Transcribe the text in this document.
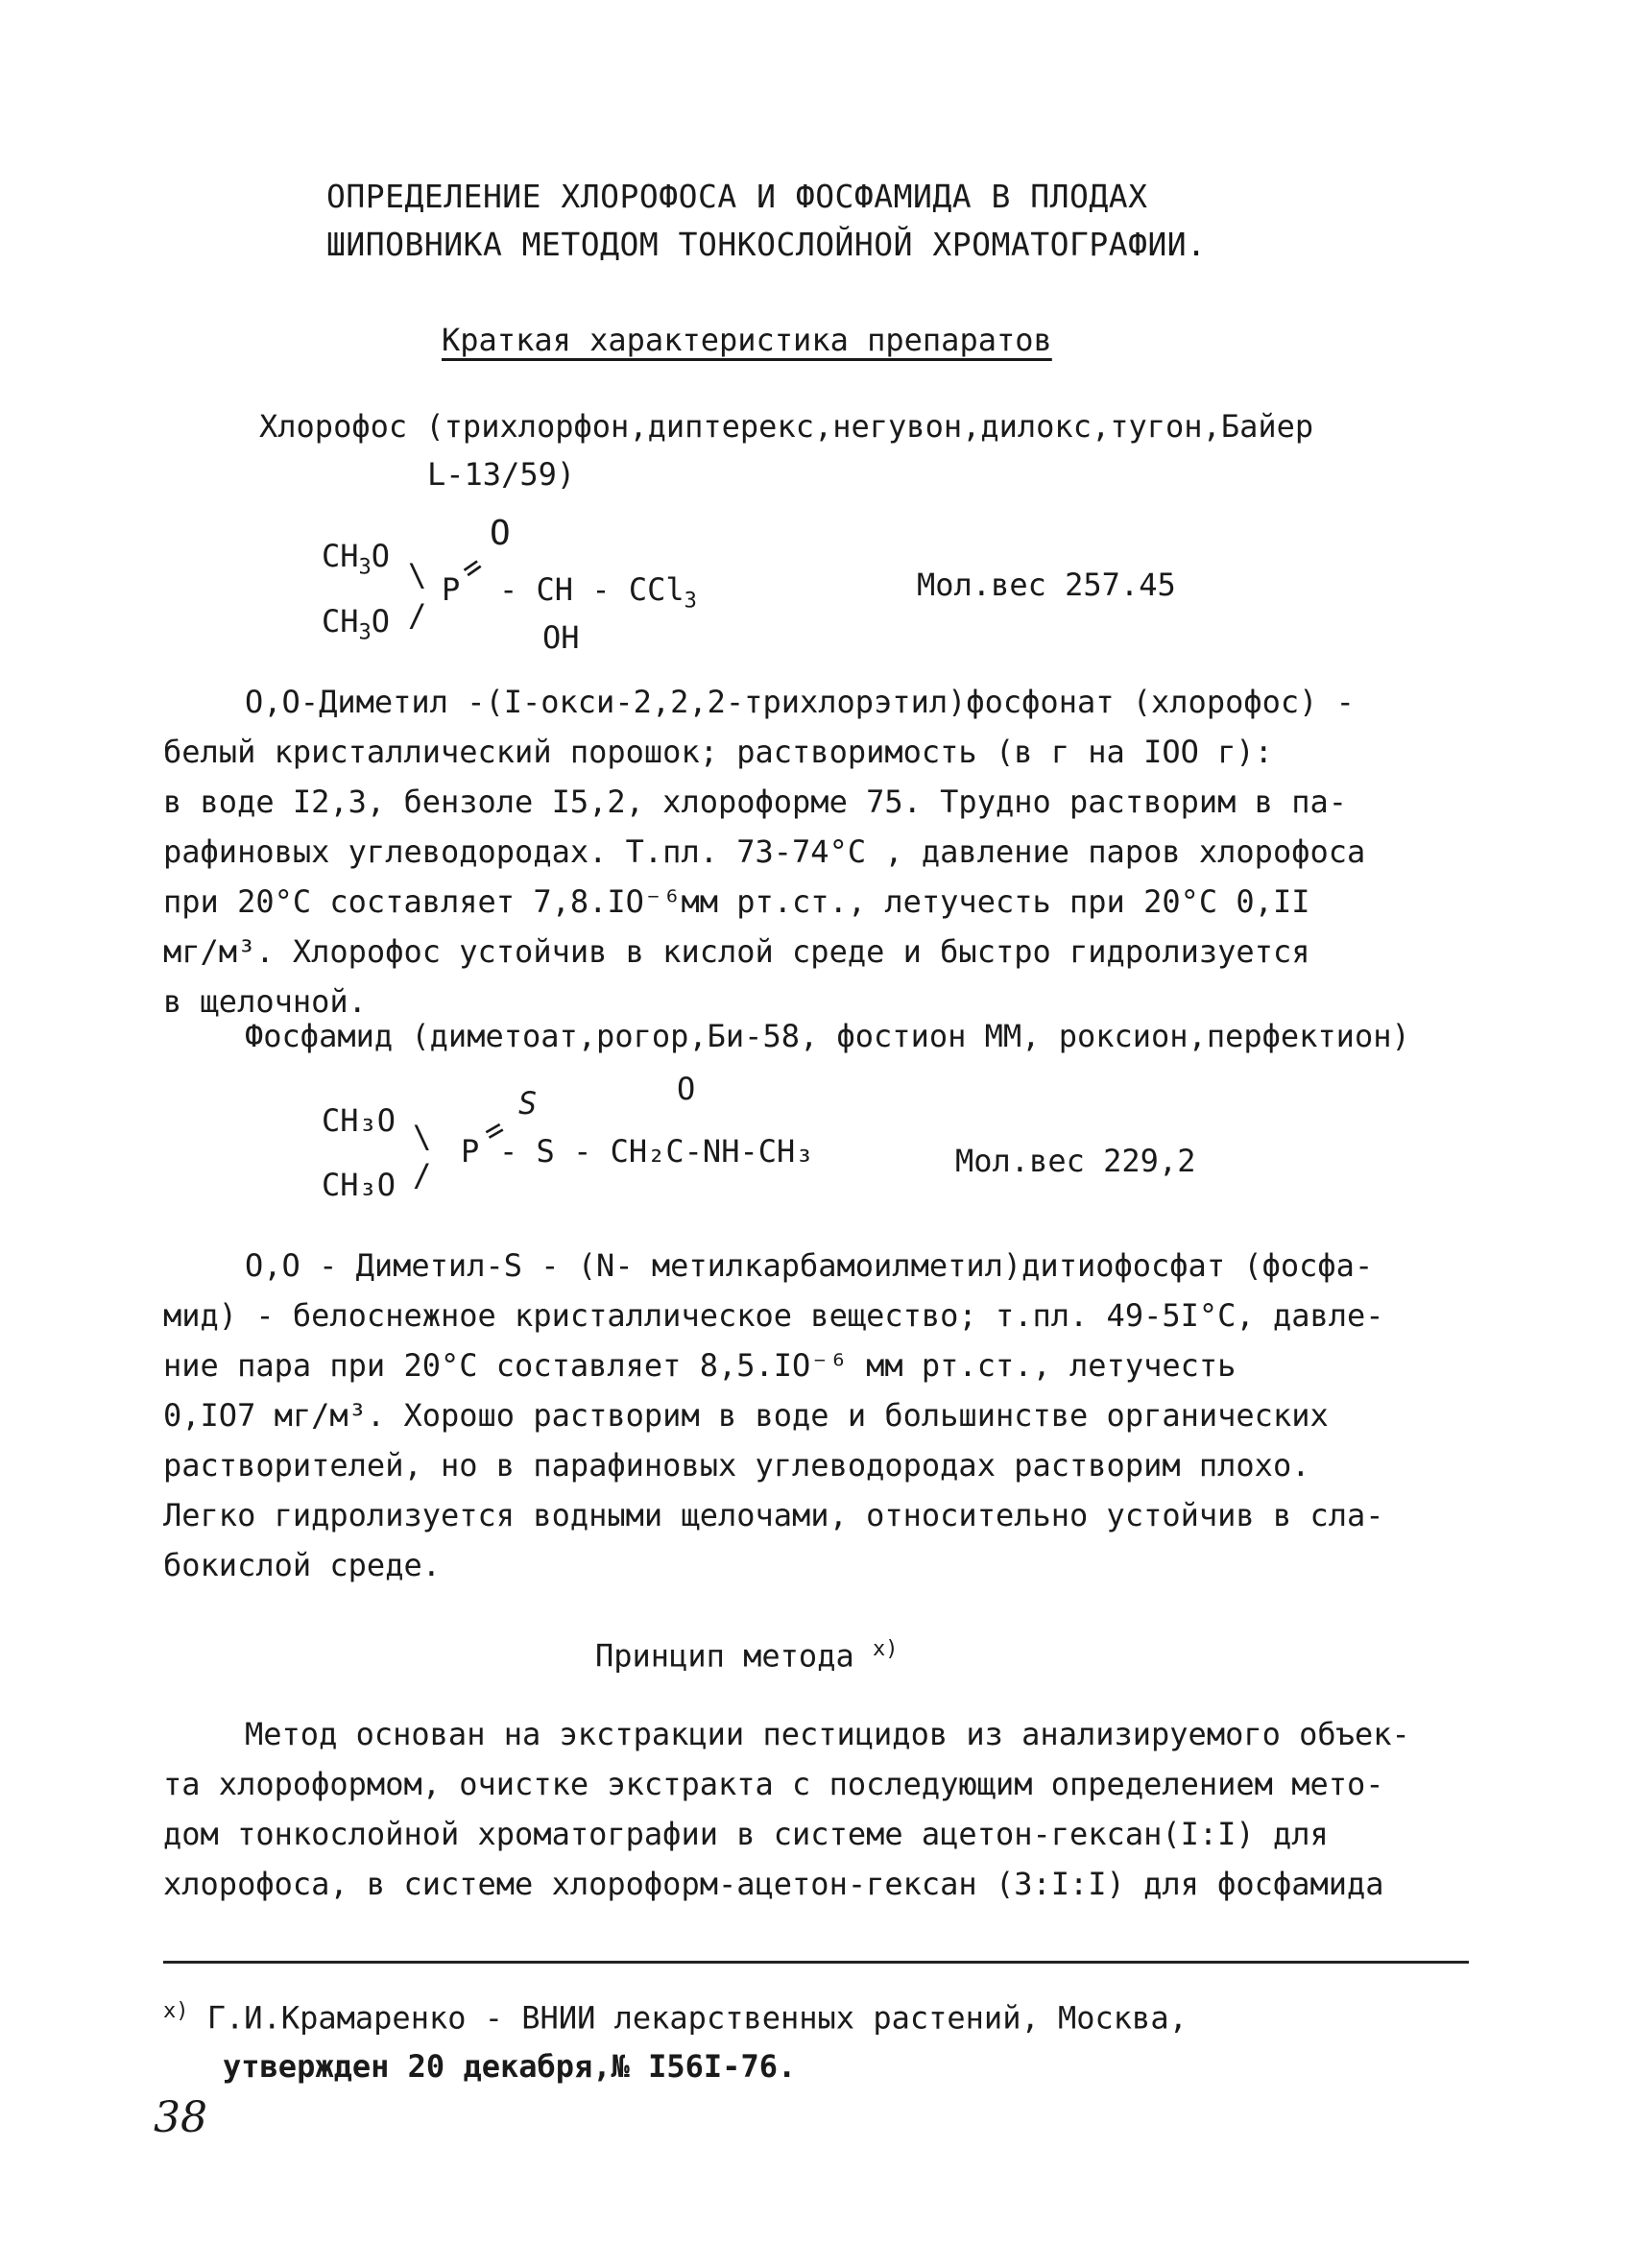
ОПРЕДЕЛЕНИЕ ХЛОРОФОСА И ФОСФАМИДА В ПЛОДАХ
ШИПОВНИКА МЕТОДОМ ТОНКОСЛОЙНОЙ ХРОМАТОГРАФИИ.
Краткая характеристика препаратов
Хлорофос (трихлорфон,диптерекс,негувон,дилокс,тугон,Байер
L-13/59)
O
$CH_3O$
\ P
=
- CH - CCl$_3$
$CH_3O$ /
OH
Мол.вес 257.45
O,O-Диметил -(I-окси-2,2,2-трихлорэтил)фосфонат (хлорофос) -
белый кристаллический порошок; растворимость (в г на IOO г):
в воде I2,3, бензоле I5,2, хлороформе 75. Трудно растворим в па-
рафиновых углеводородах. Т.пл. 73-74°С , давление паров хлорофоса
при 20°С составляет 7,8.IO⁻⁶мм рт.ст., летучесть при 20°С 0,II
мг/м³. Хлорофос устойчив в кислой среде и быстро гидролизуется
в щелочной.
Фосфамид (диметоат,рогор,Би-58, фостион ММ, роксион,перфектион)
O
S
CH₃O \ P
=
- S - CH₂C-NH-CH₃
CH₃O /	Мол.вес 229,2
O,O - Диметил-S - (N- метилкарбамоилметил)дитиофосфат (фосфа-
мид) - белоснежное кристаллическое вещество; т.пл. 49-5I°С, давле-
ние пара при 20°С составляет 8,5.IO⁻⁶ мм рт.ст., летучесть
0,IO7 мг/м³. Хорошо растворим в воде и большинстве органических
растворителей, но в парафиновых углеводородах растворим плохо.
Легко гидролизуется водными щелочами, относительно устойчив в сла-
бокислой среде.
Принцип метода $^{x)}$
Метод основан на экстракции пестицидов из анализируемого объек-
та хлороформом, очистке экстракта с последующим определением мето-
дом тонкослойной хроматографии в системе ацетон-гексан(I:I) для
хлорофоса, в системе хлороформ-ацетон-гексан (3:I:I) для фосфамида
$^{x)}$ Г.И.Крамаренко - ВНИИ лекарственных растений, Москва,
утвержден 20 декабря,№ I56I-76.
38
